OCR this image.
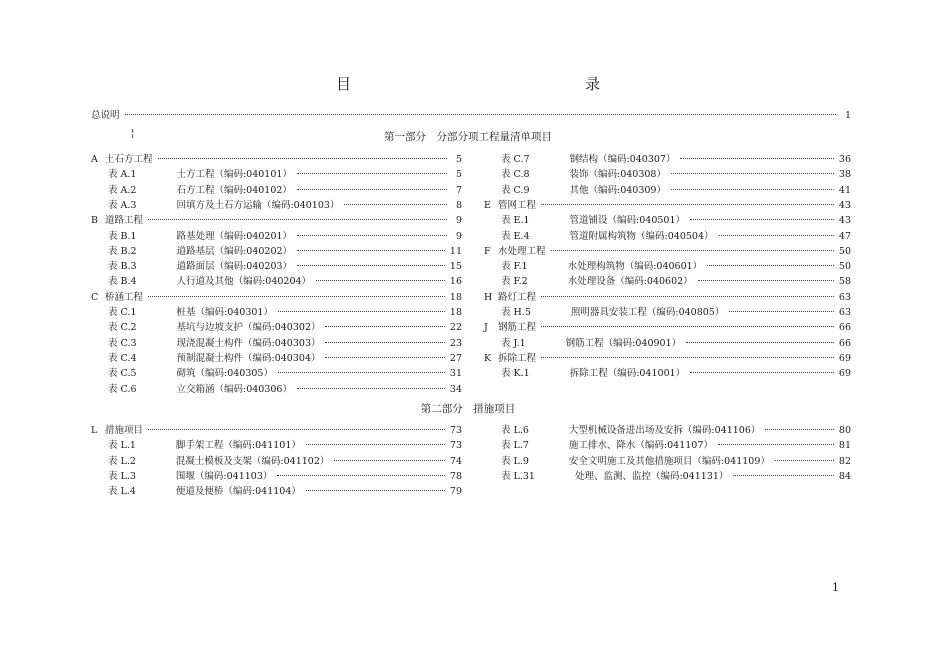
目　　录
总说明	1
¦	第一部分　分部分项工程量清单项目
第二部分　措施项目
1
A 土石方工程	5
表 A.1	土方工程（编码:040101）	5
表 A.2	石方工程（编码:040102）	7
表 A.3	回填方及土石方运输（编码:040103）	8
B 道路工程	9
表 B.1	路基处理（编码:040201）	9
表 B.2	道路基层（编码:040202）	11
表 B.3	道路面层（编码:040203）	15
表 B.4	人行道及其他（编码:040204）	16
C 桥涵工程	18
表 C.1	桩基（编码:040301）	18
表 C.2	基坑与边坡支护（编码:040302）	22
表 C.3	现浇混凝土构件（编码:040303）	23
表 C.4	预制混凝土构件（编码:040304）	27
表 C.5	砌筑（编码:040305）	31
表 C.6	立交箱涵（编码:040306）	34
表 C.7	钢结构（编码:040307）	36
表 C.8	装饰（编码:040308）	38
表 C.9	其他（编码:040309）	41
E 管网工程	43
表 E.1	管道铺设（编码:040501）	43
表 E.4	管道附属构筑物（编码:040504）	47
F 水处理工程	50
表 F.1	水处理构筑物（编码:040601）	50
表 F.2	水处理设备（编码:040602）	58
H 路灯工程	63
表 H.5	照明器具安装工程（编码:040805）	63
J	钢筋工程	66
表 J.1	钢筋工程（编码:040901）	66
K 拆除工程	69
表 K.1	拆除工程（编码:041001）	69
L 措施项目	73
表 L.1	脚手架工程（编码:041101）	73
表 L.2	混凝土模板及支架（编码:041102）	74
表 L.3	围堰（编码:041103）	78
表 L.4	便道及便桥（编码:041104）	79
表 L.6	大型机械设备进出场及安拆（编码:041106）	80
表 L.7	施工排水、降水（编码:041107）	81
表 L.9	安全文明施工及其他措施项目（编码:041109）	82
表 L.31	处理、监测、监控（编码:041131）	84
